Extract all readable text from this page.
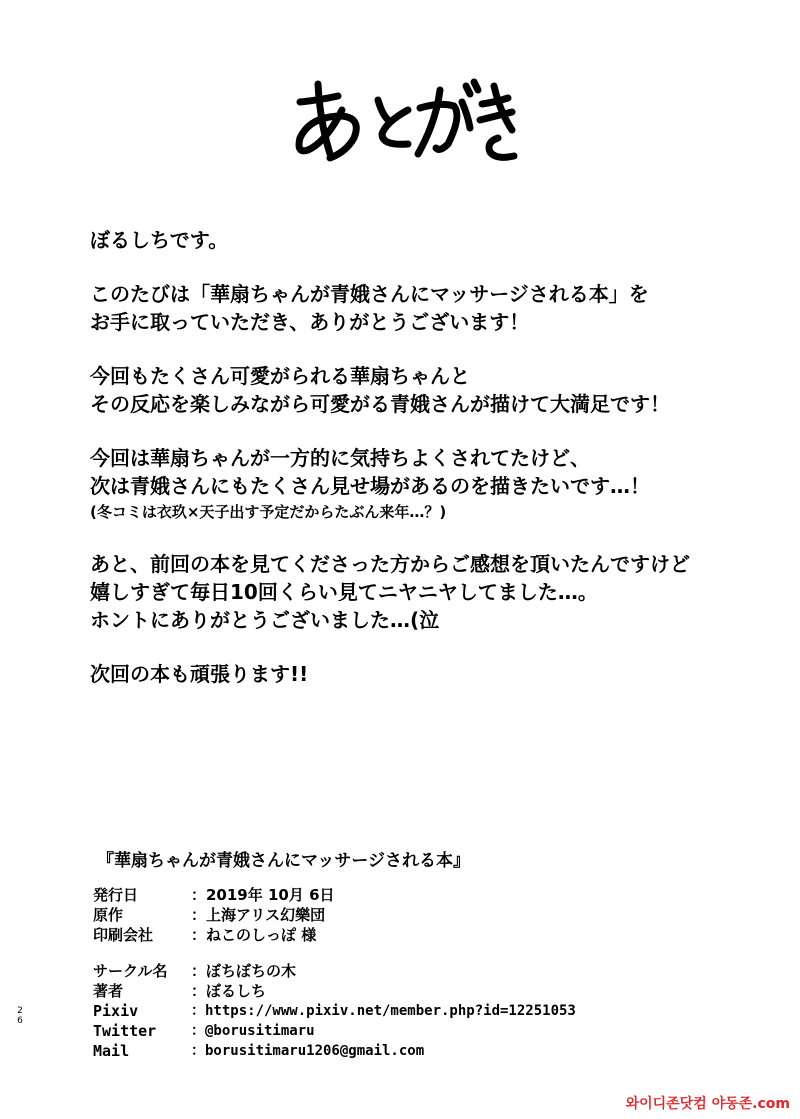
ぼるしちです。
このたびは「華扇ちゃんが青娥さんにマッサージされる本」を
お手に取っていただき、ありがとうございます！
今回もたくさん可愛がられる華扇ちゃんと
その反応を楽しみながら可愛がる青娥さんが描けて大満足です！
今回は華扇ちゃんが一方的に気持ちよくされてたけど、
次は青娥さんにもたくさん見せ場があるのを描きたいです…！
(冬コミは衣玖×天子出す予定だからたぶん来年…？)
あと、前回の本を見てくださった方からご感想を頂いたんですけど
嬉しすぎて毎日10回くらい見てニヤニヤしてました…。
ホントにありがとうございました…(泣
次回の本も頑張ります!!
『華扇ちゃんが青娥さんにマッサージされる本』
発行日	：2019年 10月 6日
原作	：上海アリス幻樂団
印刷会社	：ねこのしっぽ 様
サークル名	：ぼちぼちの木
著者	：ぼるしち
Pixiv	：https://www.pixiv.net/member.php?id=12251053
Twitter	：@borusitimaru
Mail	：borusitimaru1206@gmail.com
2
6
와이디존닷컴 야동존.com
